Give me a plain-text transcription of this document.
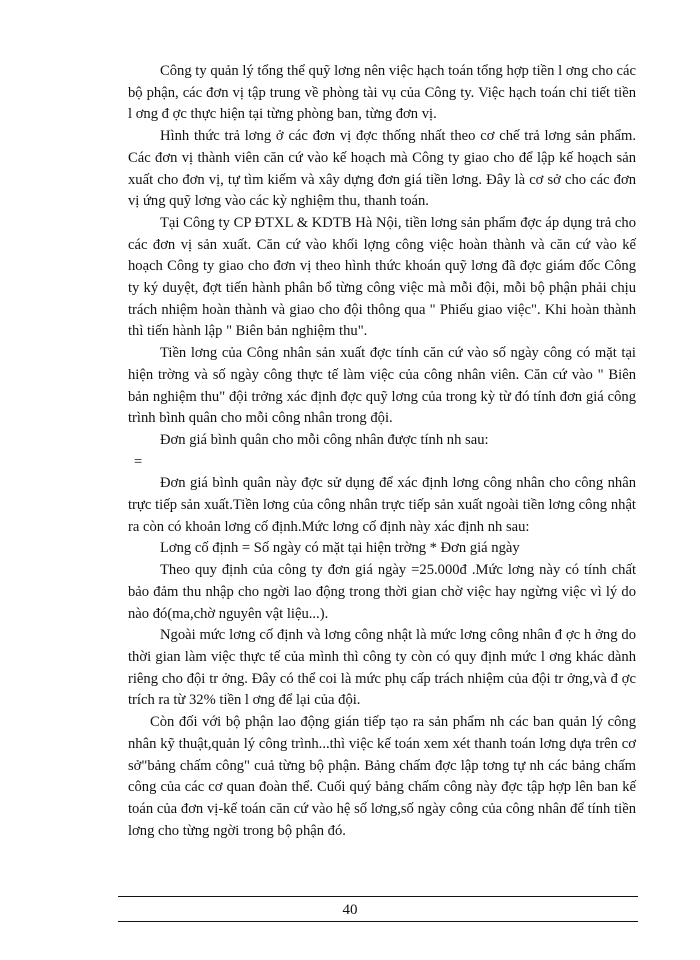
Công ty quản lý tổng thể quỹ lơng nên việc hạch toán tổng hợp tiền l ơng cho các bộ phận, các đơn vị tập trung về phòng tài vụ của Công ty. Việc hạch toán chi tiết tiền l ơng đ ợc thực hiện tại từng phòng ban, từng đơn vị.

Hình thức trả lơng ở các đơn vị đợc thống nhất theo cơ chế trả lơng sản phẩm. Các đơn vị thành viên căn cứ vào kế hoạch mà Công ty giao cho để lập kế hoạch sản xuất cho đơn vị, tự tìm kiếm và xây dựng đơn giá tiền lơng. Đây là cơ sở cho các đơn vị ứng quỹ lơng vào các kỳ nghiệm thu, thanh toán.

Tại Công ty CP ĐTXL & KDTB Hà Nội, tiền lơng sản phẩm đợc áp dụng trả cho các đơn vị sản xuất. Căn cứ vào khối lợng công việc hoàn thành và căn cứ vào kế hoạch Công ty giao cho đơn vị theo hình thức khoán quỹ lơng đã đợc giám đốc Công ty ký duyệt, đợt tiến hành phân bổ từng công việc mà mỗi đội, mỗi bộ phận phải chịu trách nhiệm hoàn thành và giao cho đội thông qua " Phiếu giao việc". Khi hoàn thành thì tiến hành lập " Biên bản nghiệm thu".

Tiền lơng của Công nhân sản xuất đợc tính căn cứ vào số ngày công có mặt tại hiện trờng và số ngày công thực tế làm việc của công nhân viên. Căn cứ vào " Biên bản nghiệm thu" đội trởng xác định đợc quỹ lơng của trong kỳ từ đó tính đơn giá công trình bình quân cho mỗi công nhân trong đội.

Đơn giá bình quân cho mỗi công nhân được tính nh sau:

=

Đơn giá bình quân này đợc sử dụng để xác định lơng công nhân cho công nhân trực tiếp sản xuất.Tiền lơng của công nhân trực tiếp sản xuất ngoài tiền lơng công nhật ra còn có khoản lơng cố định.Mức lơng cố định này xác định nh sau:

Lơng cố định = Số ngày có mặt tại hiện trờng * Đơn giá ngày

Theo quy định của công ty đơn giá ngày =25.000đ .Mức lơng này có tính chất bảo đảm thu nhập cho ngời lao động trong thời gian chờ việc hay ngừng việc vì lý do nào đó(ma,chờ nguyên vật liệu...).

Ngoài mức lơng cố định và lơng công nhật là mức lơng công nhân đ ợc h ởng do thời gian làm việc thực tế của mình thì công ty còn có quy định mức l ơng khác dành riêng cho đội tr ởng. Đây có thể coi là mức phụ cấp trách nhiệm của đội tr ởng,và đ ợc trích ra từ 32% tiền l ơng để lại của đội.

Còn đối với bộ phận lao động gián tiếp tạo ra sản phẩm nh các ban quản lý công nhân kỹ thuật,quản lý công trình...thì việc kế toán xem xét thanh toán lơng dựa trên cơ sở"bảng chấm công" cuả từng bộ phận. Bảng chấm đợc lập tơng tự nh các bảng chấm công của các cơ quan đoàn thể. Cuối quý bảng chấm công này đợc tập hợp lên ban kế toán của đơn vị-kế toán căn cứ vào hệ số lơng,số ngày công của công nhân để tính tiền lơng cho từng ngời trong bộ phận đó.

40
